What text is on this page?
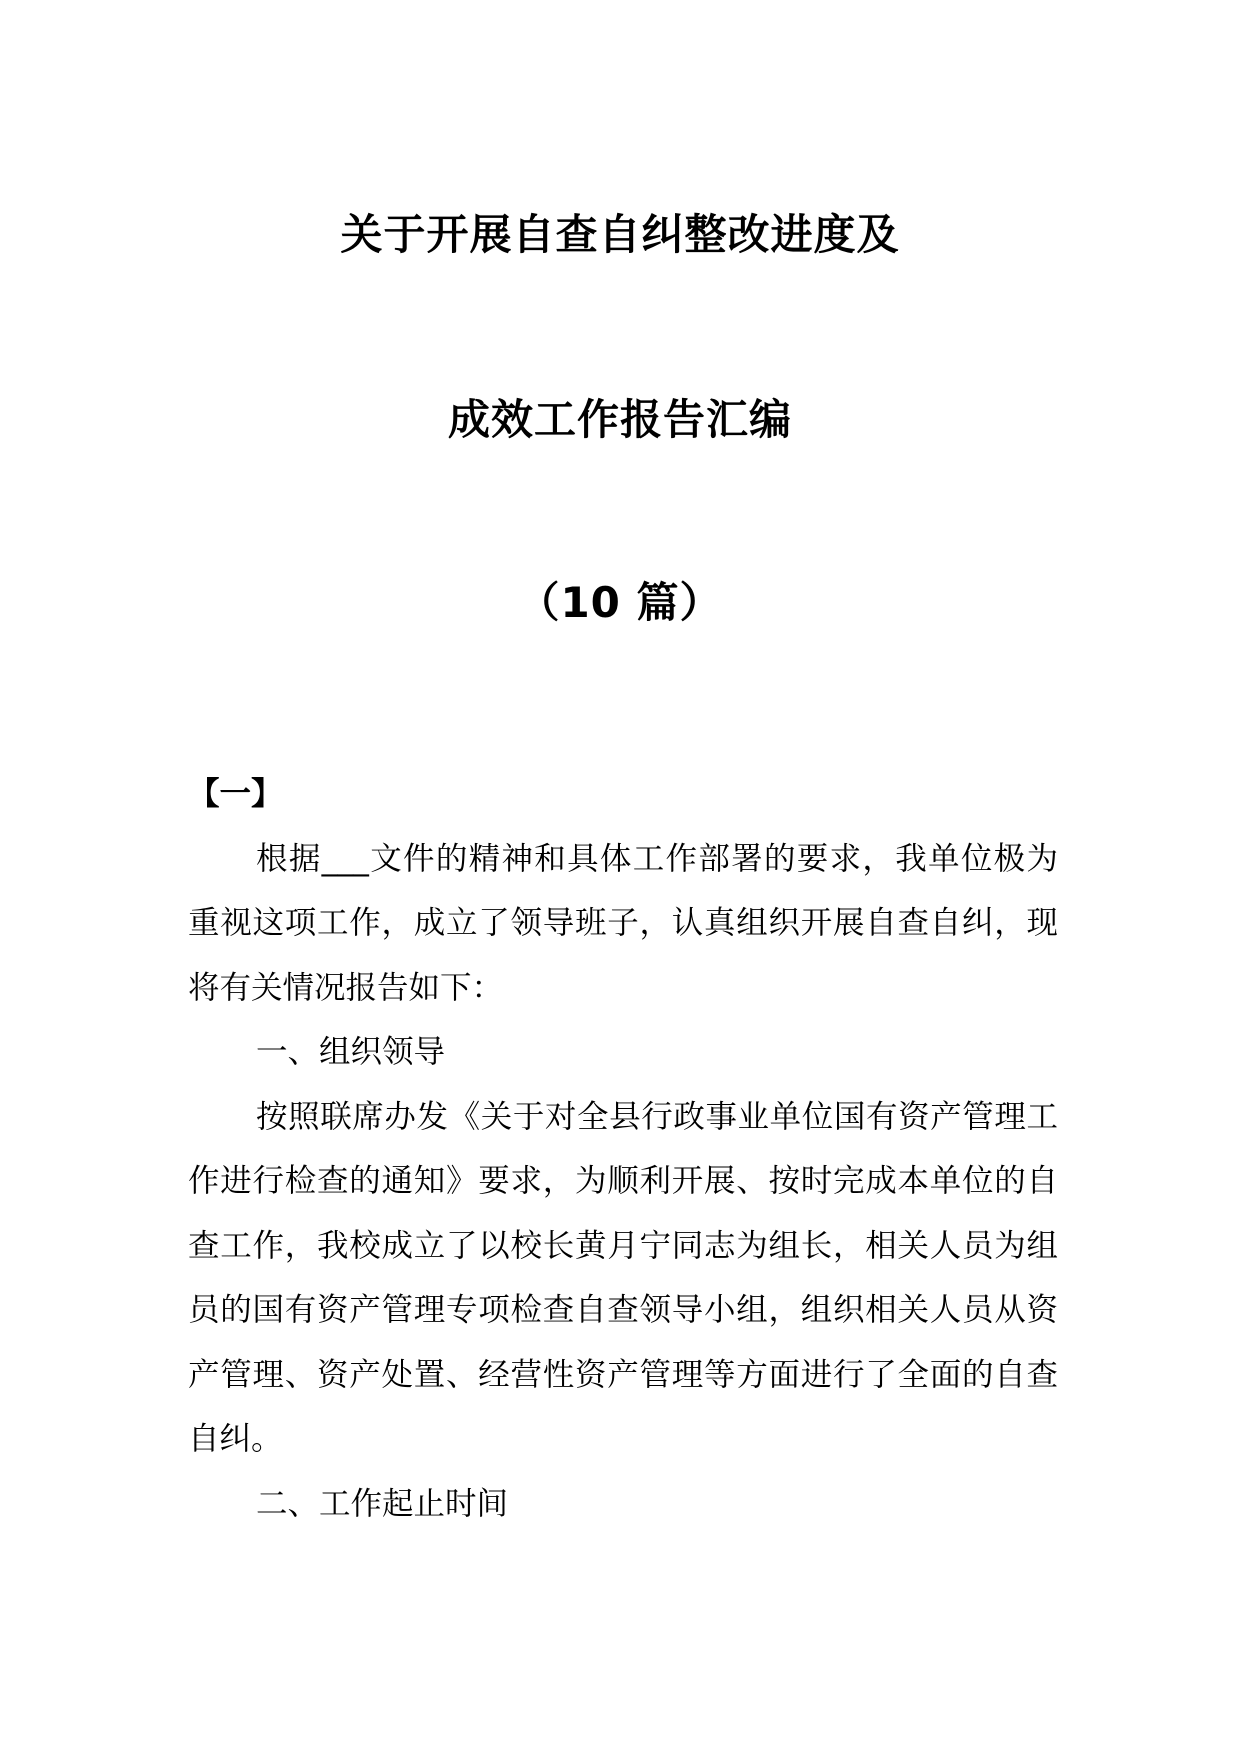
关于开展自查自纠整改进度及
成效工作报告汇编
（10 篇）

【一】

根据___文件的精神和具体工作部署的要求，我单位极为重视这项工作，成立了领导班子，认真组织开展自查自纠，现将有关情况报告如下：

一、组织领导

按照联席办发《关于对全县行政事业单位国有资产管理工作进行检查的通知》要求，为顺利开展、按时完成本单位的自查工作，我校成立了以校长黄月宁同志为组长，相关人员为组员的国有资产管理专项检查自查领导小组，组织相关人员从资产管理、资产处置、经营性资产管理等方面进行了全面的自查自纠。

二、工作起止时间
